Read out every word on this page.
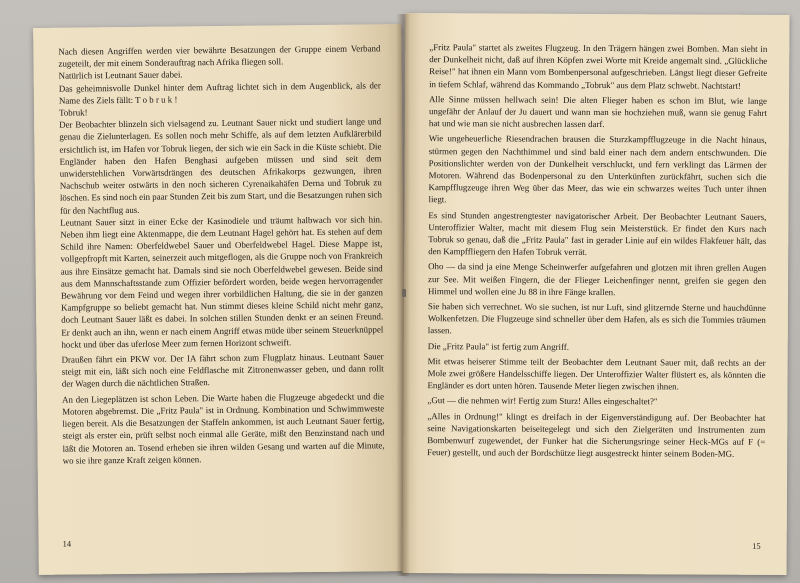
Nach diesen Angriffen werden vier bewährte Besatzungen der Gruppe einem Verband zugeteilt, der mit einem Sonderauftrag nach Afrika fliegen soll.

Natürlich ist Leutnant Sauer dabei.

Das geheimnisvolle Dunkel hinter dem Auftrag lichtet sich in dem Augenblick, als der Name des Ziels fällt: T o b r u k !

Tobruk!

Der Beobachter blinzeln sich vielsagend zu. Leutnant Sauer nickt und studiert lange und genau die Zielunterlagen. Es sollen noch mehr Schiffe, als auf dem letzten Aufklärerbild ersichtlich ist, im Hafen vor Tobruk liegen, der sich wie ein Sack in die Küste schiebt. Die Engländer haben den Hafen Benghasi aufgeben müssen und sind seit dem unwiderstehlichen Vorwärtsdrängen des deutschen Afrikakorps gezwungen, ihren Nachschub weiter ostwärts in den noch sicheren Cyrenaikahäfen Derna und Tobruk zu löschen. Es sind noch ein paar Stunden Zeit bis zum Start, und die Besatzungen ruhen sich für den Nachtflug aus.

Leutnant Sauer sitzt in einer Ecke der Kasinodiele und träumt halbwach vor sich hin. Neben ihm liegt eine Aktenmappe, die dem Leutnant Hagel gehört hat. Es stehen auf dem Schild ihre Namen: Oberfeldwebel Sauer und Oberfeldwebel Hagel. Diese Mappe ist, vollgepfropft mit Karten, seinerzeit auch mitgeflogen, als die Gruppe noch von Frankreich aus ihre Einsätze gemacht hat. Damals sind sie noch Oberfeldwebel gewesen. Beide sind aus dem Mannschaftsstande zum Offizier befördert worden, beide wegen hervorragender Bewährung vor dem Feind und wegen ihrer vorbildlichen Haltung, die sie in der ganzen Kampfgruppe so beliebt gemacht hat. Nun stimmt dieses kleine Schild nicht mehr ganz, doch Leutnant Sauer läßt es dabei. In solchen stillen Stunden denkt er an seinen Freund. Er denkt auch an ihn, wenn er nach einem Angriff etwas müde über seinem Steuerknüppel hockt und über das uferlose Meer zum fernen Horizont schweift.

Draußen fährt ein PKW vor. Der IA fährt schon zum Flugplatz hinaus. Leutnant Sauer steigt mit ein, läßt sich noch eine Feldflasche mit Zitronenwasser geben, und dann rollt der Wagen durch die nächtlichen Straßen.

An den Liegeplätzen ist schon Leben. Die Warte haben die Flugzeuge abgedeckt und die Motoren abgebremst. Die „Fritz Paula" ist in Ordnung. Kombination und Schwimmweste liegen bereit. Als die Besatzungen der Staffeln ankommen, ist auch Leutnant Sauer fertig, steigt als erster ein, prüft selbst noch einmal alle Geräte, mißt den Benzinstand nach und läßt die Motoren an. Tosend erheben sie ihren wilden Gesang und warten auf die Minute, wo sie ihre ganze Kraft zeigen können.

14

„Fritz Paula" startet als zweites Flugzeug. In den Trägern hängen zwei Bomben. Man sieht in der Dunkelheit nicht, daß auf ihren Köpfen zwei Worte mit Kreide angemalt sind. „Glückliche Reise!" hat ihnen ein Mann vom Bombenpersonal aufgeschrieben. Längst liegt dieser Gefreite in tiefem Schlaf, während das Kommando „Tobruk" aus dem Platz schwebt. Nachtstart!

Alle Sinne müssen hellwach sein! Die alten Flieger haben es schon im Blut, wie lange ungefähr der Anlauf der Ju dauert und wann man sie hochziehen muß, wann sie genug Fahrt hat und wie man sie nicht ausbrechen lassen darf.

Wie ungeheuerliche Riesendrachen brausen die Sturzkampfflugzeuge in die Nacht hinaus, stürmen gegen den Nachthimmel und sind bald einer nach dem andern entschwunden. Die Positionslichter werden von der Dunkelheit verschluckt, und fern verklingt das Lärmen der Motoren. Während das Bodenpersonal zu den Unterkünften zurückfährt, suchen sich die Kampfflugzeuge ihren Weg über das Meer, das wie ein schwarzes weites Tuch unter ihnen liegt.

Es sind Stunden angestrengtester navigatorischer Arbeit. Der Beobachter Leutnant Sauers, Unteroffizier Walter, macht mit diesem Flug sein Meisterstück. Er findet den Kurs nach Tobruk so genau, daß die „Fritz Paula" fast in gerader Linie auf ein wildes Flakfeuer hält, das den Kampffliegern den Hafen Tobruk verrät.

Oho — da sind ja eine Menge Scheinwerfer aufgefahren und glotzen mit ihren grellen Augen zur See. Mit weißen Fingern, die der Flieger Leichenfinger nennt, greifen sie gegen den Himmel und wollen eine Ju 88 in ihre Fänge krallen.

Sie haben sich verrechnet. Wo sie suchen, ist nur Luft, sind glitzernde Sterne und hauchdünne Wolkenfetzen. Die Flugzeuge sind schneller über dem Hafen, als es sich die Tommies träumen lassen.

Die „Fritz Paula" ist fertig zum Angriff.

Mit etwas heiserer Stimme teilt der Beobachter dem Leutnant Sauer mit, daß rechts an der Mole zwei größere Handelsschiffe liegen. Der Unteroffizier Walter flüstert es, als könnten die Engländer es dort unten hören. Tausende Meter liegen zwischen ihnen.

„Gut — die nehmen wir! Fertig zum Sturz! Alles eingeschaltet?"

„Alles in Ordnung!" klingt es dreifach in der Eigenverständigung auf. Der Beobachter hat seine Navigationskarten beiseitegelegt und sich den Zielgeräten und Instrumenten zum Bombenwurf zugewendet, der Funker hat die Sicherungsringe seiner Heck-MGs auf F (= Feuer) gestellt, und auch der Bordschütze liegt ausgestreckt hinter seinem Boden-MG.

15
